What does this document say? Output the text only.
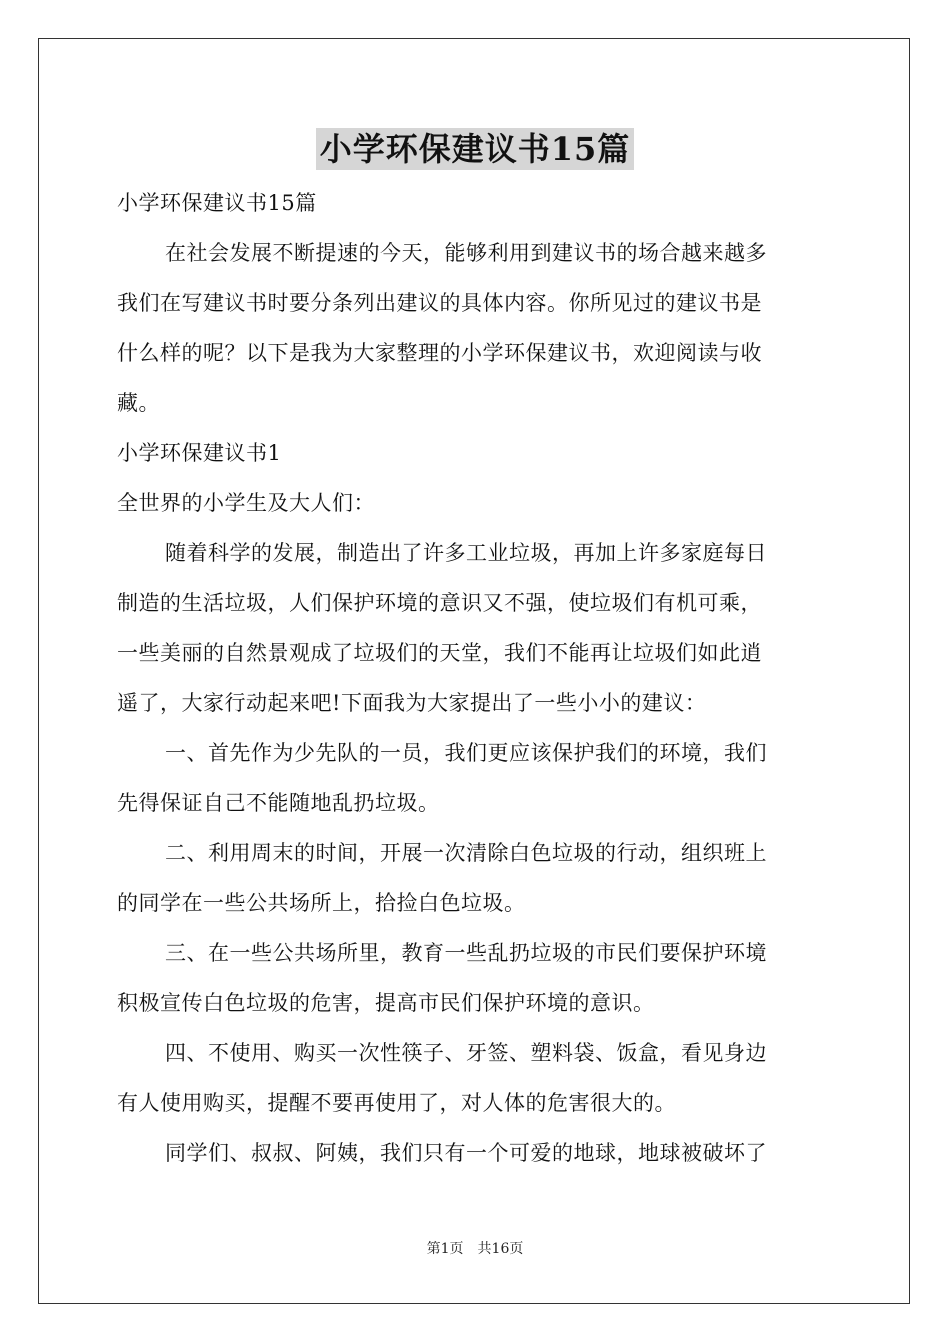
小学环保建议书15篇
小学环保建议书15篇
在社会发展不断提速的今天，能够利用到建议书的场合越来越多
我们在写建议书时要分条列出建议的具体内容。你所见过的建议书是
什么样的呢？以下是我为大家整理的小学环保建议书，欢迎阅读与收
藏。
小学环保建议书1
全世界的小学生及大人们：
随着科学的发展，制造出了许多工业垃圾，再加上许多家庭每日
制造的生活垃圾，人们保护环境的意识又不强，使垃圾们有机可乘，
一些美丽的自然景观成了垃圾们的天堂，我们不能再让垃圾们如此逍
遥了，大家行动起来吧!下面我为大家提出了一些小小的建议：
一、首先作为少先队的一员，我们更应该保护我们的环境，我们
先得保证自己不能随地乱扔垃圾。
二、利用周末的时间，开展一次清除白色垃圾的行动，组织班上
的同学在一些公共场所上，拾捡白色垃圾。
三、在一些公共场所里，教育一些乱扔垃圾的市民们要保护环境
积极宣传白色垃圾的危害，提高市民们保护环境的意识。
四、不使用、购买一次性筷子、牙签、塑料袋、饭盒，看见身边
有人使用购买，提醒不要再使用了，对人体的危害很大的。
同学们、叔叔、阿姨，我们只有一个可爱的地球，地球被破坏了
第1页　共16页
